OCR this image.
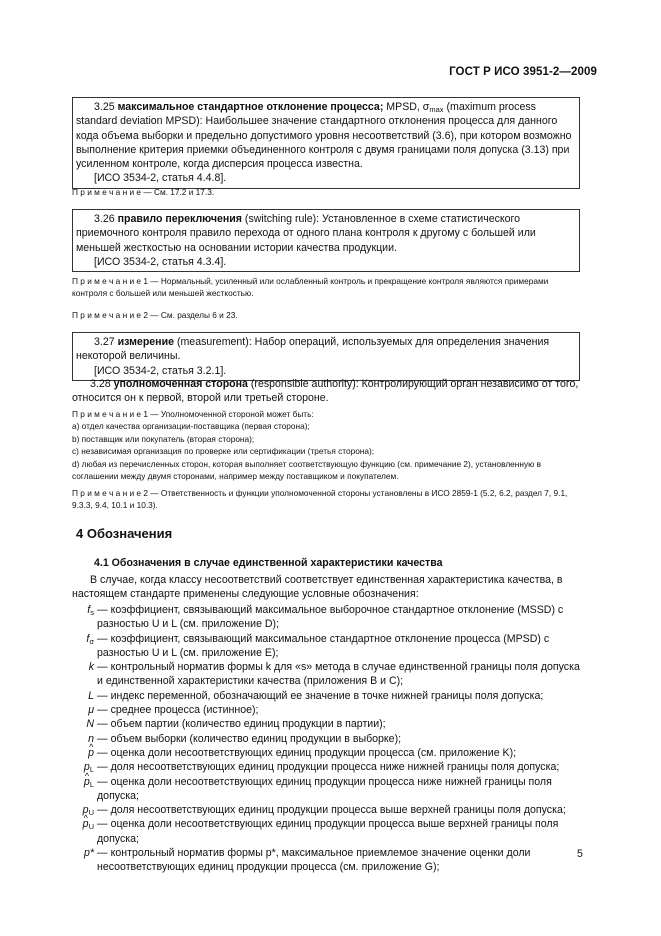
ГОСТ Р ИСО 3951-2—2009
3.25 максимальное стандартное отклонение процесса; MPSD, $\sigma_{max}$ (maximum process standard deviation MPSD): Наибольшее значение стандартного отклонения процесса для данного кода объема выборки и предельно допустимого уровня несоответствий (3.6), при котором возможно выполнение критерия приемки объединенного контроля с двумя границами поля допуска (3.13) при усиленном контроле, когда дисперсия процесса известна.
[ИСО 3534-2, статья 4.4.8].
П р и м е ч а н и е — См. 17.2 и 17.3.
3.26 правило переключения (switching rule): Установленное в схеме статистического приемочного контроля правило перехода от одного плана контроля к другому с большей или меньшей жесткостью на основании истории качества продукции.
[ИСО 3534-2, статья 4.3.4].
П р и м е ч а н и е 1 — Нормальный, усиленный или ослабленный контроль и прекращение контроля являются примерами контроля с большей или меньшей жесткостью.
П р и м е ч а н и е 2 — См. разделы 6 и 23.
3.27 измерение (measurement): Набор операций, используемых для определения значения некоторой величины.
[ИСО 3534-2, статья 3.2.1].
3.28 уполномоченная сторона (responsible authority): Контролирующий орган независимо от того, относится он к первой, второй или третьей стороне.
П р и м е ч а н и е 1 — Уполномоченной стороной может быть:
а) отдел качества организации-поставщика (первая сторона);
b) поставщик или покупатель (вторая сторона);
с) независимая организация по проверке или сертификации (третья сторона);
d) любая из перечисленных сторон, которая выполняет соответствующую функцию (см. примечание 2), установленную в соглашении между двумя сторонами, например между поставщиком и покупателем.
П р и м е ч а н и е 2 — Ответственность и функции уполномоченной стороны установлены в ИСО 2859-1 (5.2, 6.2, раздел 7, 9.1, 9.3.3, 9.4, 10.1 и 10.3).
4 Обозначения
4.1 Обозначения в случае единственной характеристики качества
В случае, когда классу несоответствий соответствует единственная характеристика качества, в настоящем стандарте применены следующие условные обозначения:
$f_s$ — коэффициент, связывающий максимальное выборочное стандартное отклонение (MSSD) с разностью U и L (см. приложение D);
$f_\sigma$ — коэффициент, связывающий максимальное стандартное отклонение процесса (MPSD) с разностью U и L (см. приложение E);
k — контрольный норматив формы k для «s» метода в случае единственной границы поля допуска и единственной характеристики качества (приложения B и C);
L — индекс переменной, обозначающий ее значение в точке нижней границы поля допуска;
μ — среднее процесса (истинное);
N — объем партии (количество единиц продукции в партии);
n — объем выборки (количество единиц продукции в выборке);
^ p — оценка доли несоответствующих единиц продукции процесса (см. приложение K);
$p_L$ — доля несоответствующих единиц продукции процесса ниже нижней границы поля допуска;
^ $p_L$ — оценка доли несоответствующих единиц продукции процесса ниже нижней границы поля допуска;
$p_U$ — доля несоответствующих единиц продукции процесса выше верхней границы поля допуска;
^ $p_U$ — оценка доли несоответствующих единиц продукции процесса выше верхней границы поля допуска;
p* — контрольный норматив формы p*, максимальное приемлемое значение оценки доли несоответствующих единиц продукции процесса (см. приложение G);
5
